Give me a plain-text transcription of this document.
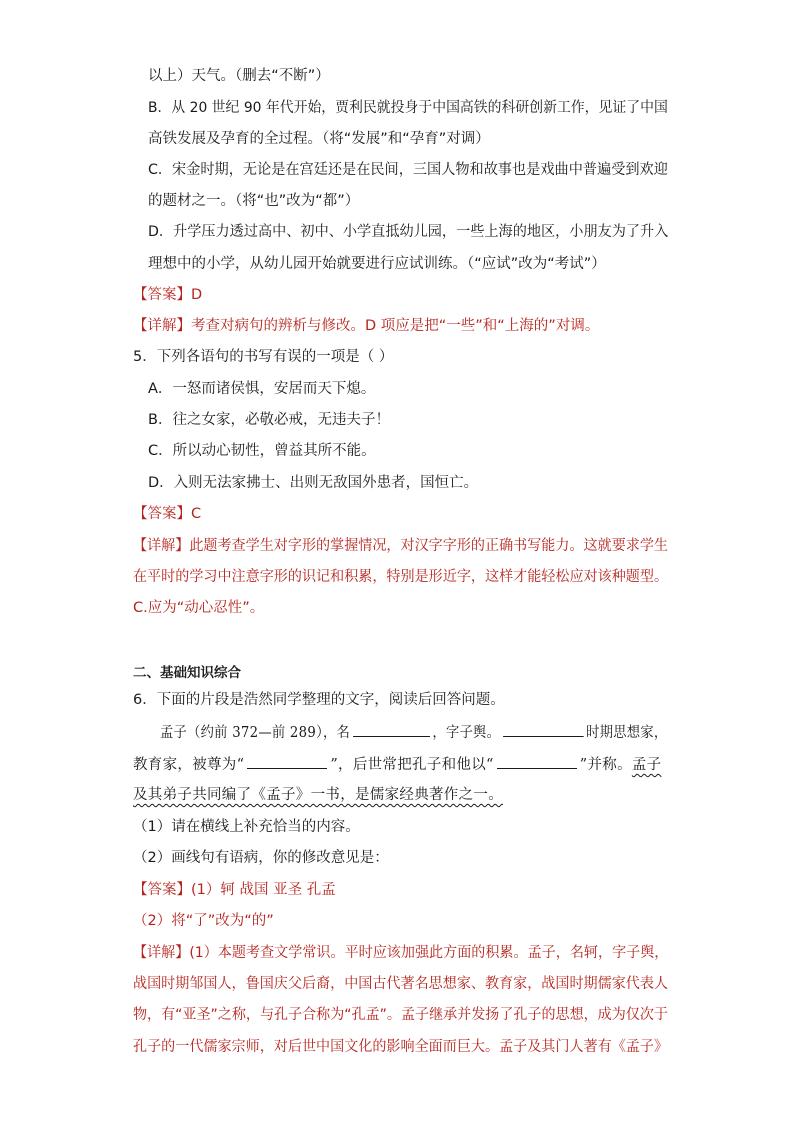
以上）天气。（删去“不断”）
B．从 20 世纪 90 年代开始，贾利民就投身于中国高铁的科研创新工作，见证了中国
高铁发展及孕育的全过程。（将“发展”和“孕育”对调）
C．宋金时期，无论是在宫廷还是在民间，三国人物和故事也是戏曲中普遍受到欢迎
的题材之一。（将“也”改为“都”）
D．升学压力透过高中、初中、小学直抵幼儿园，一些上海的地区，小朋友为了升入
理想中的小学，从幼儿园开始就要进行应试训练。（“应试”改为“考试”）
【答案】D
【详解】考查对病句的辨析与修改。D 项应是把“一些”和“上海的”对调。
5．下列各语句的书写有误的一项是（ ）
A．一怒而诸侯惧，安居而天下熄。
B．往之女家，必敬必戒，无违夫子！
C．所以动心韧性，曾益其所不能。
D．入则无法家拂士、出则无敌国外患者，国恒亡。
【答案】C
【详解】此题考查学生对字形的掌握情况，对汉字字形的正确书写能力。这就要求学生
在平时的学习中注意字形的识记和积累，特别是形近字，这样才能轻松应对该种题型。
C.应为“动心忍性”。
二、基础知识综合
6．下面的片段是浩然同学整理的文字，阅读后回答问题。
孟子（约前 372—前 289），名	，字子舆。	时期思想家，
教育家，被尊为“	”，后世常把孔子和他以“	”并称。孟子
及其弟子共同编了《孟子》一书，是儒家经典著作之一。
（1）请在横线上补充恰当的内容。
（2）画线句有语病，你的修改意见是：
【答案】(1）轲 战国 亚圣 孔孟
（2）将“了”改为“的”
【详解】(1）本题考查文学常识。平时应该加强此方面的积累。孟子，名轲，字子舆，
战国时期邹国人，鲁国庆父后裔，中国古代著名思想家、教育家，战国时期儒家代表人
物，有“亚圣”之称，与孔子合称为“孔孟”。孟子继承并发扬了孔子的思想，成为仅次于
孔子的一代儒家宗师，对后世中国文化的影响全面而巨大。孟子及其门人著有《孟子》
